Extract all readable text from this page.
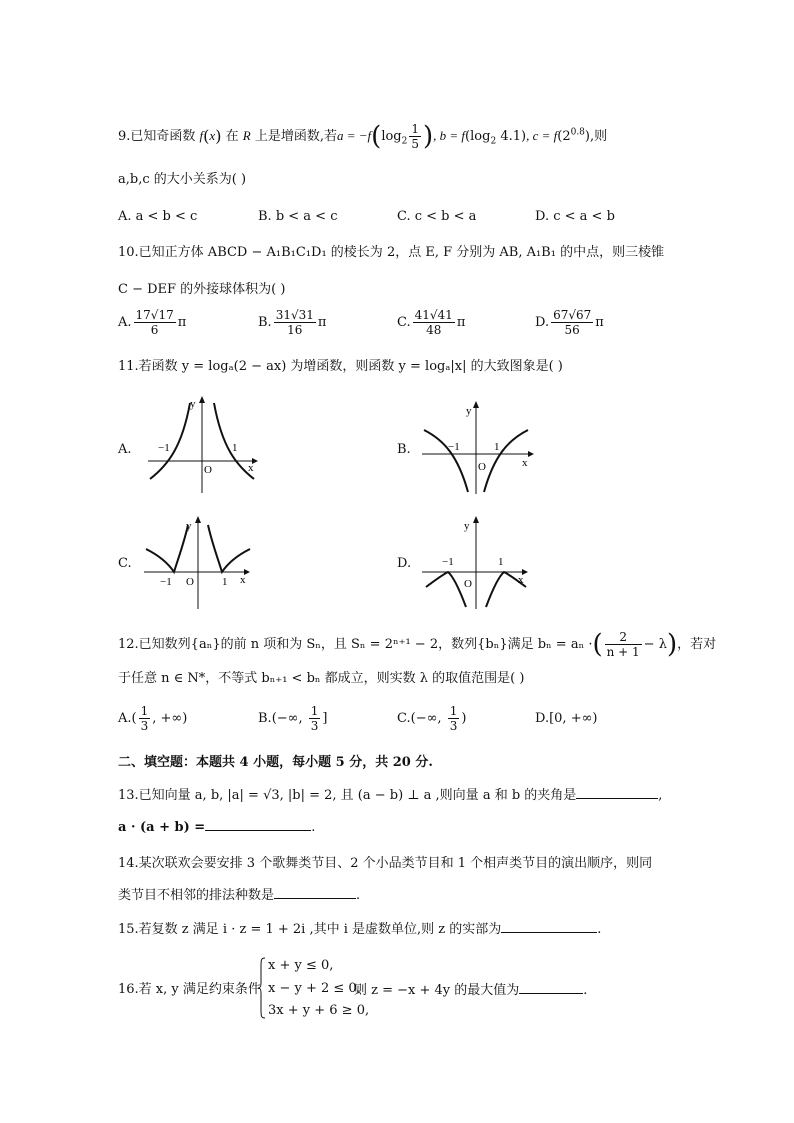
9.已知奇函数 f(x) 在 R 上是增函数,若$a = -f(\log_2 \frac{1}{5}$ ), $b = f(\log_2$ 4.1), $c = f(2^{0.8})$,则
a,b,c 的大小关系为( )
A. a < b < c	B. b < a < c	C. c < b < a	D. c < a < b
10.已知正方体 ABCD − A₁B₁C₁D₁ 的棱长为 2，点 E, F 分别为 AB, A₁B₁ 的中点，则三棱锥
C − DEF 的外接球体积为( )
A. $\frac{17√17}{6}$ π	B. $\frac{31√31}{16}$ π	C. $\frac{41√41}{48}$ π	D. $\frac{67√67}{56}$ π
11.若函数 y = logₐ(2 − ax) 为增函数，则函数 y = logₐ|x| 的大致图象是( )
A.
y
x
O
−1	1	B.
y
x
O
−1	1
C.
y
x
O
−1	1
D.
y
x
O
−1	1
12.已知数列{aₙ}的前 n 项和为 Sₙ，且 Sₙ = 2ⁿ⁺¹ − 2，数列{bₙ}满足 bₙ = aₙ ·( $\frac{2}{n + 1} - \lambda$)，若对
于任意 n ∈ N*，不等式 bₙ₊₁ < bₙ 都成立，则实数 λ 的取值范围是( )
$A.( \frac{1}{3}$ , +∞)	B.(−∞, $\frac{1}{3}$ ]	C.(−∞, $\frac{1}{3}$ )	D.[0, +∞)
二、填空题：本题共 4 小题，每小题 5 分，共 20 分.
13.已知向量 a, b, |a| = √3, |b| = 2, 且 (a − b) ⊥ a ,则向量 a 和 b 的夹角是	,
a · (a + b) =	.
14.某次联欢会要安排 3 个歌舞类节目、2 个小品类节目和 1 个相声类节目的演出顺序，则同
类节目不相邻的排法种数是	.
15.若复数 z 满足 i · z = 1 + 2i ,其中 i 是虚数单位,则 z 的实部为	.
16.若 x, y 满足约束条件
x + y ≤ 0,
x − y + 2 ≤ 0,
3x + y + 6 ≥ 0,
则 z = −x + 4y 的最大值为	.
